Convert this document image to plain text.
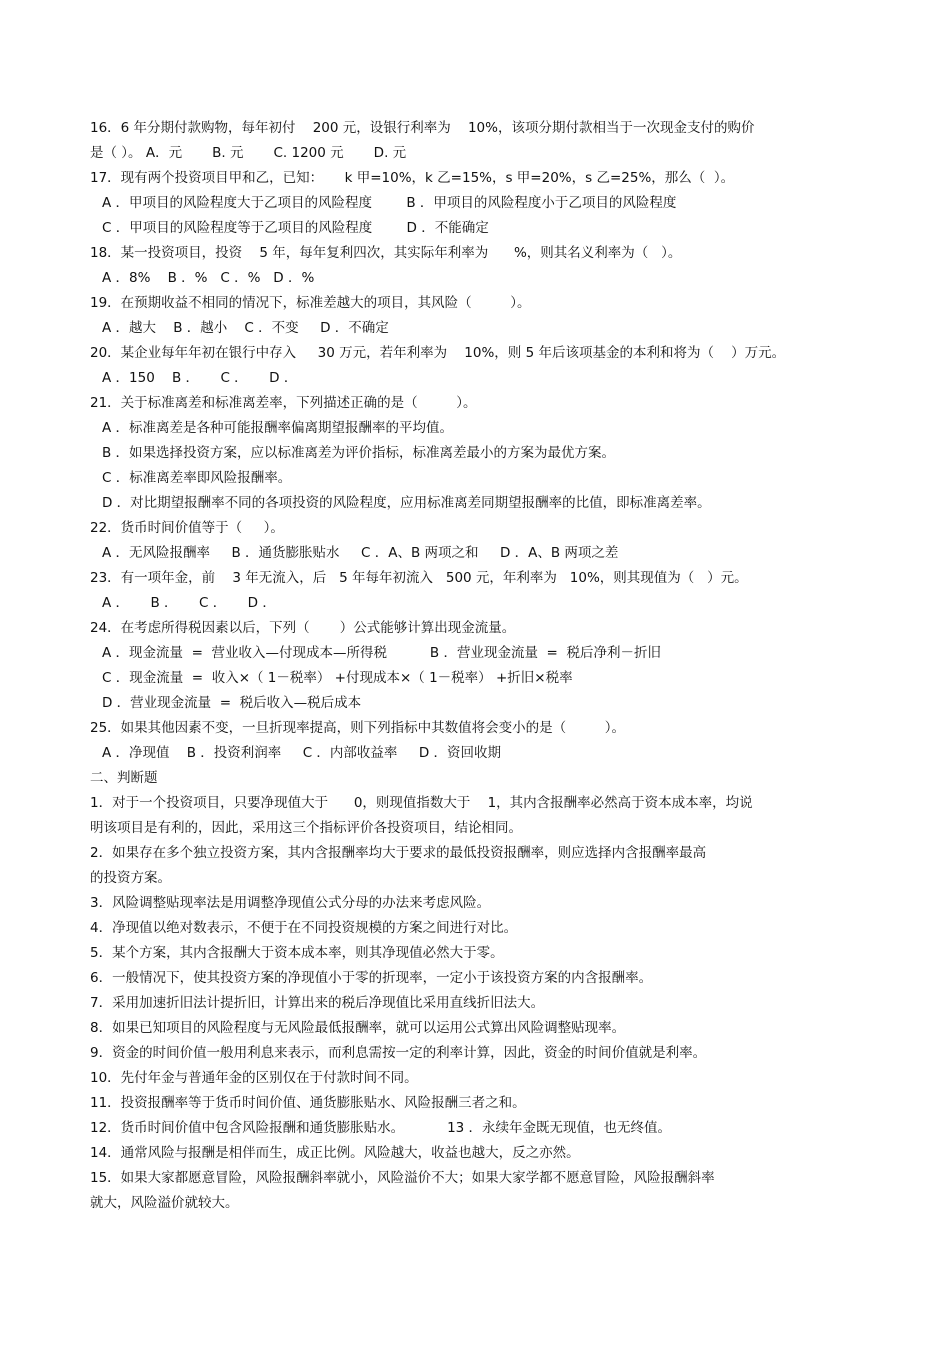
16．6 年分期付款购物，每年初付    200 元，设银行利率为    10%，该项分期付款相当于一次现金支付的购价
是（ ）。 A．元       B. 元       C. 1200 元       D. 元
17．现有两个投资项目甲和乙，已知：     k 甲=10%，k 乙=15%，s 甲=20%，s 乙=25%，那么（  ）。
A ．甲项目的风险程度大于乙项目的风险程度        B ．甲项目的风险程度小于乙项目的风险程度
C ．甲项目的风险程度等于乙项目的风险程度        D ．不能确定
18．某一投资项目，投资    5 年，每年复利四次，其实际年利率为      %，则其名义利率为（   ）。
A ．8%    B ．%   C ．%   D ．%
19．在预期收益不相同的情况下，标准差越大的项目，其风险（         ）。
A ．越大    B ．越小    C ．不变     D ．不确定
20．某企业每年年初在银行中存入     30 万元，若年利率为    10%，则 5 年后该项基金的本利和将为（    ）万元。
A ．150    B ．     C ．     D ．
21．关于标准离差和标准离差率，下列描述正确的是（         ）。
A ．标准离差是各种可能报酬率偏离期望报酬率的平均值。
B ．如果选择投资方案，应以标准离差为评价指标，标准离差最小的方案为最优方案。
C ．标准离差率即风险报酬率。
D ．对比期望报酬率不同的各项投资的风险程度，应用标准离差同期望报酬率的比值，即标准离差率。
22．货币时间价值等于（     ）。
A ．无风险报酬率     B ．通货膨胀贴水     C ．A、B 两项之和     D ．A、B 两项之差
23．有一项年金，前    3 年无流入，后   5 年每年初流入   500 元，年利率为   10%，则其现值为（   ）元。
A ．     B ．     C ．     D ．
24．在考虑所得税因素以后，下列（       ）公式能够计算出现金流量。
A ．现金流量  =  营业收入—付现成本—所得税          B ．营业现金流量  =  税后净利－折旧
C ．现金流量  =  收入×（ 1－税率） +付现成本×（ 1－税率） +折旧×税率
D ．营业现金流量  =  税后收入—税后成本
25．如果其他因素不变，一旦折现率提高，则下列指标中其数值将会变小的是（         ）。
A ．净现值    B ．投资利润率     C ．内部收益率     D ．资回收期
二、判断题
1．对于一个投资项目，只要净现值大于      0，则现值指数大于    1，其内含报酬率必然高于资本成本率，均说
明该项目是有利的，因此，采用这三个指标评价各投资项目，结论相同。
2．如果存在多个独立投资方案，其内含报酬率均大于要求的最低投资报酬率，则应选择内含报酬率最高
的投资方案。
3．风险调整贴现率法是用调整净现值公式分母的办法来考虑风险。
4．净现值以绝对数表示，不便于在不同投资规模的方案之间进行对比。
5．某个方案，其内含报酬大于资本成本率，则其净现值必然大于零。
6．一般情况下，使其投资方案的净现值小于零的折现率，一定小于该投资方案的内含报酬率。
7．采用加速折旧法计提折旧，计算出来的税后净现值比采用直线折旧法大。
8．如果已知项目的风险程度与无风险最低报酬率，就可以运用公式算出风险调整贴现率。
9．资金的时间价值一般用利息来表示，而利息需按一定的利率计算，因此，资金的时间价值就是利率。
10．先付年金与普通年金的区别仅在于付款时间不同。
11．投资报酬率等于货币时间价值、通货膨胀贴水、风险报酬三者之和。
12．货币时间价值中包含风险报酬和通货膨胀贴水。          13 ．永续年金既无现值，也无终值。
14．通常风险与报酬是相伴而生，成正比例。风险越大，收益也越大，反之亦然。
15．如果大家都愿意冒险，风险报酬斜率就小，风险溢价不大；如果大家学都不愿意冒险，风险报酬斜率
就大，风险溢价就较大。
